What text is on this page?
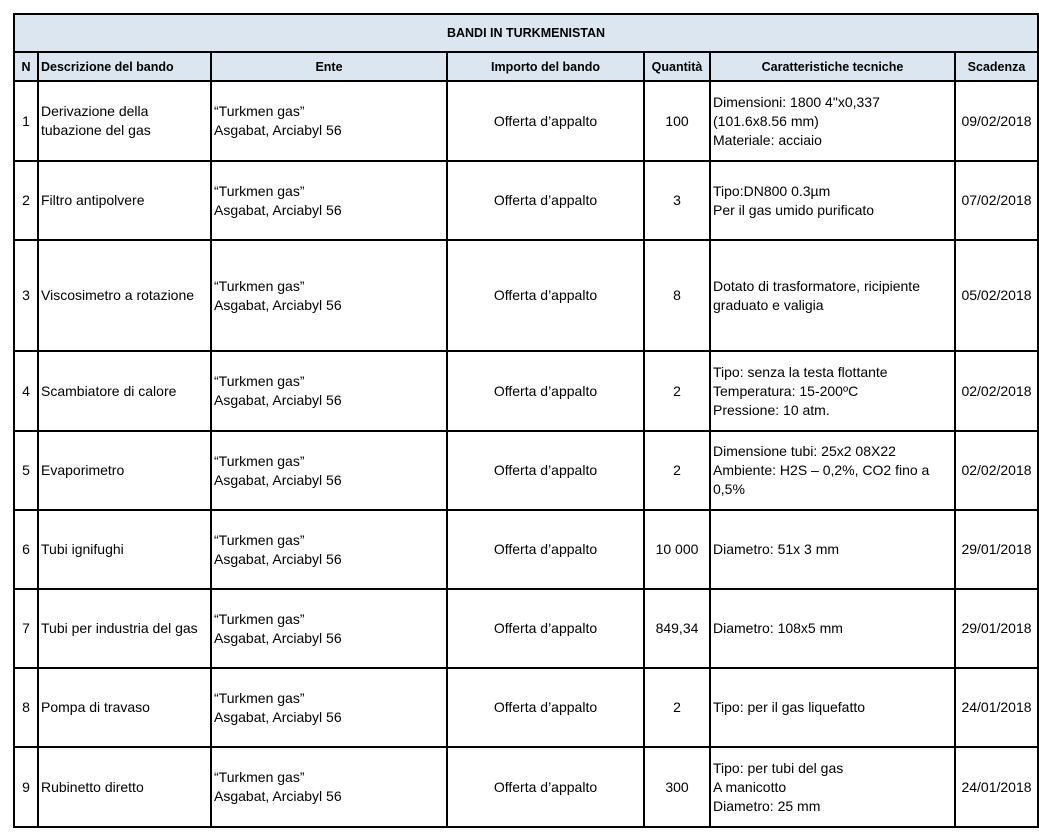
BANDI IN TURKMENISTAN						
N	Descrizione del bando	Ente	Importo del bando	Quantità	Caratteristiche tecniche	Scadenza
1	Derivazione della
tubazione del gas	“Turkmen gas”
Asgabat, Arciabyl 56	Offerta d’appalto	100	Dimensioni: 1800 4"x0,337
(101.6x8.56 mm)
Materiale: acciaio	09/02/2018
2	Filtro antipolvere	“Turkmen gas”
Asgabat, Arciabyl 56	Offerta d’appalto	3	Tipo:DN800 0.3µm
Per il gas umido purificato	07/02/2018
3	Viscosimetro a rotazione	“Turkmen gas”
Asgabat, Arciabyl 56	Offerta d’appalto	8	Dotato di trasformatore, ricipiente
graduato e valigia	05/02/2018
4	Scambiatore di calore	“Turkmen gas”
Asgabat, Arciabyl 56	Offerta d’appalto	2	Tipo: senza la testa flottante
Temperatura: 15-200ºC
Pressione: 10 atm.	02/02/2018
5	Evaporimetro	“Turkmen gas”
Asgabat, Arciabyl 56	Offerta d’appalto	2	Dimensione tubi: 25x2 08X22
Ambiente: H2S – 0,2%, CO2 fino a
0,5%	02/02/2018
6	Tubi ignifughi	“Turkmen gas”
Asgabat, Arciabyl 56	Offerta d’appalto	10 000	Diametro: 51x 3 mm	29/01/2018
7	Tubi per industria del gas	“Turkmen gas”
Asgabat, Arciabyl 56	Offerta d’appalto	849,34	Diametro: 108x5 mm	29/01/2018
8	Pompa di travaso	“Turkmen gas”
Asgabat, Arciabyl 56	Offerta d’appalto	2	Tipo: per il gas liquefatto	24/01/2018
9	Rubinetto diretto	“Turkmen gas”
Asgabat, Arciabyl 56	Offerta d’appalto	300	Tipo: per tubi del gas
A manicotto
Diametro: 25 mm	24/01/2018
